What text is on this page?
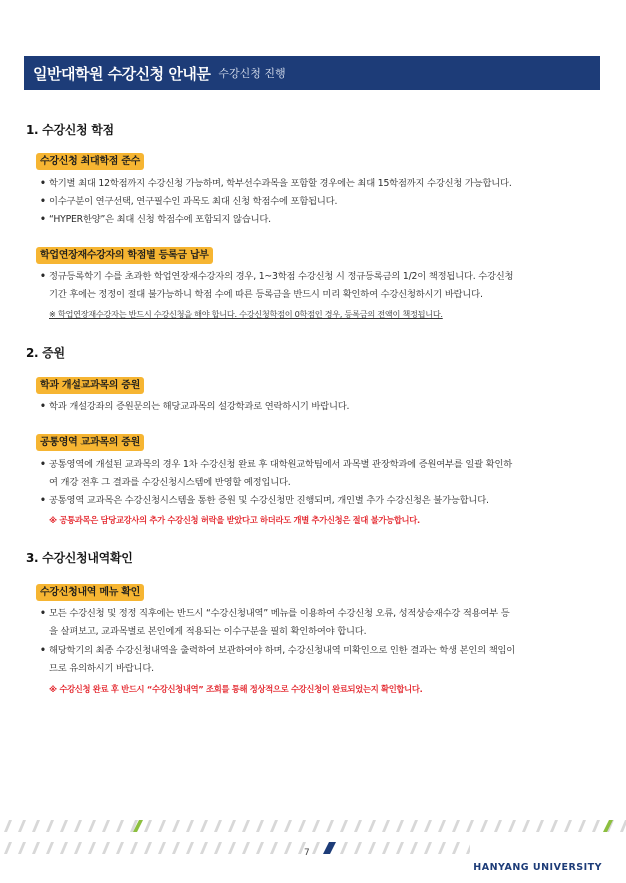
일반대학원 수강신청 안내문 수강신청 진행
1. 수강신청 학점
수강신청 최대학점 준수
• 학기별 최대 12학점까지 수강신청 가능하며, 학부선수과목을 포함할 경우에는 최대 15학점까지 수강신청 가능합니다.
• 이수구분이 연구선택, 연구필수인 과목도 최대 신청 학점수에 포함됩니다.
• “HYPER한양”은 최대 신청 학점수에 포함되지 않습니다.
학업연장재수강자의 학점별 등록금 납부
• 정규등록학기 수를 초과한 학업연장재수강자의 경우, 1~3학점 수강신청 시 정규등록금의 1/2이 책정됩니다. 수강신청
기간 후에는 정정이 절대 불가능하니 학점 수에 따른 등록금을 반드시 미리 확인하여 수강신청하시기 바랍니다.
※ 학업연장재수강자는 반드시 수강신청을 해야 합니다. 수강신청학점이 0학점인 경우, 등록금의 전액이 책정됩니다.
2. 증원
학과 개설교과목의 증원
• 학과 개설강좌의 증원문의는 해당교과목의 설강학과로 연락하시기 바랍니다.
공통영역 교과목의 증원
• 공통영역에 개설된 교과목의 경우 1차 수강신청 완료 후 대학원교학팀에서 과목별 관장학과에 증원여부를 일괄 확인하
여 개강 전후 그 결과를 수강신청시스템에 반영할 예정입니다.
• 공통영역 교과목은 수강신청시스템을 통한 증원 및 수강신청만 진행되며, 개인별 추가 수강신청은 불가능합니다.
※ 공통과목은 담당교강사의 추가 수강신청 허락을 받았다고 하더라도 개별 추가신청은 절대 불가능합니다.
3. 수강신청내역확인
수강신청내역 메뉴 확인
• 모든 수강신청 및 정정 직후에는 반드시 “수강신청내역” 메뉴를 이용하여 수강신청 오류, 성적상승재수강 적용여부 등
을 살펴보고, 교과목별로 본인에게 적용되는 이수구분을 필히 확인하여야 합니다.
• 해당학기의 최종 수강신청내역을 출력하여 보관하여야 하며, 수강신청내역 미확인으로 인한 결과는 학생 본인의 책임이
므로 유의하시기 바랍니다.
※ 수강신청 완료 후 반드시 “수강신청내역” 조회를 통해 정상적으로 수강신청이 완료되었는지 확인합니다.
7
HANYANG UNIVERSITY
